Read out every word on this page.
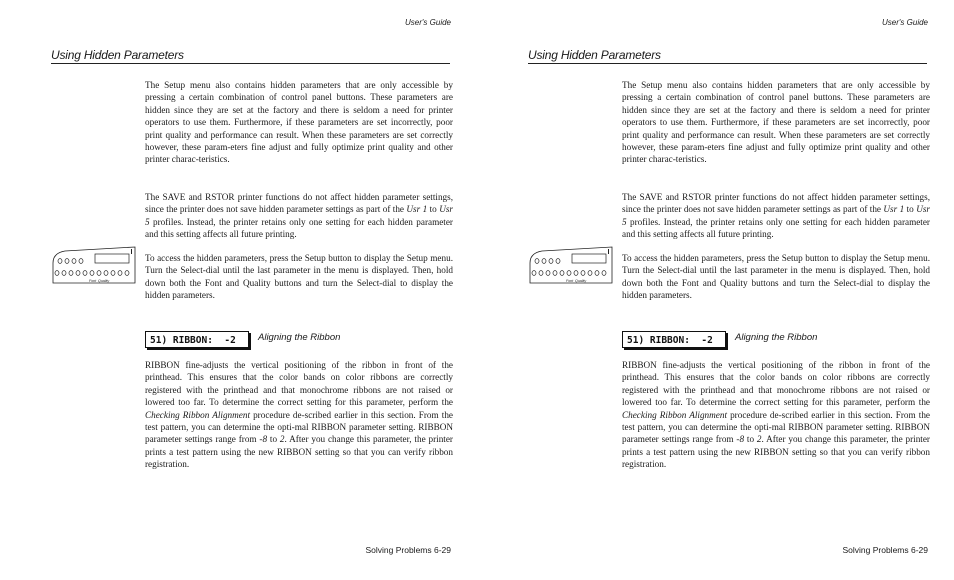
User's Guide
Using Hidden Parameters

The Setup menu also contains hidden parameters that are only accessible by pressing a certain combination of control panel buttons. These parameters are hidden since they are set at the factory and there is seldom a need for printer operators to use them. Furthermore, if these parameters are set incorrectly, poor print quality and performance can result. When these parameters are set correctly however, these param-eters fine adjust and fully optimize print quality and other printer charac-teristics.

The SAVE and RSTOR printer functions do not affect hidden parameter settings, since the printer does not save hidden parameter settings as part of the Usr 1 to Usr 5 profiles. Instead, the printer retains only one setting for each hidden parameter and this setting affects all future printing.

Font Quality

To access the hidden parameters, press the Setup button to display the Setup menu. Turn the Select-dial until the last parameter in the menu is displayed. Then, hold down both the Font and Quality buttons and turn the Select-dial to display the hidden parameters.

51) RIBBON:  -2	Aligning the Ribbon

RIBBON fine-adjusts the vertical positioning of the ribbon in front of the printhead. This ensures that the color bands on color ribbons are correctly registered with the printhead and that monochrome ribbons are not raised or lowered too far. To determine the correct setting for this parameter, perform the Checking Ribbon Alignment procedure de-scribed earlier in this section. From the test pattern, you can determine the opti-mal RIBBON parameter setting. RIBBON parameter settings range from -8 to 2. After you change this parameter, the printer prints a test pattern using the new RIBBON setting so that you can verify ribbon registration.

Solving Problems 6-29
User's Guide
Using Hidden Parameters

The Setup menu also contains hidden parameters that are only accessible by pressing a certain combination of control panel buttons. These parameters are hidden since they are set at the factory and there is seldom a need for printer operators to use them. Furthermore, if these parameters are set incorrectly, poor print quality and performance can result. When these parameters are set correctly however, these param-eters fine adjust and fully optimize print quality and other printer charac-teristics.

The SAVE and RSTOR printer functions do not affect hidden parameter settings, since the printer does not save hidden parameter settings as part of the Usr 1 to Usr 5 profiles. Instead, the printer retains only one setting for each hidden parameter and this setting affects all future printing.

Font Quality

To access the hidden parameters, press the Setup button to display the Setup menu. Turn the Select-dial until the last parameter in the menu is displayed. Then, hold down both the Font and Quality buttons and turn the Select-dial to display the hidden parameters.

51) RIBBON:  -2	Aligning the Ribbon

RIBBON fine-adjusts the vertical positioning of the ribbon in front of the printhead. This ensures that the color bands on color ribbons are correctly registered with the printhead and that monochrome ribbons are not raised or lowered too far. To determine the correct setting for this parameter, perform the Checking Ribbon Alignment procedure de-scribed earlier in this section. From the test pattern, you can determine the opti-mal RIBBON parameter setting. RIBBON parameter settings range from -8 to 2. After you change this parameter, the printer prints a test pattern using the new RIBBON setting so that you can verify ribbon registration.

Solving Problems 6-29
